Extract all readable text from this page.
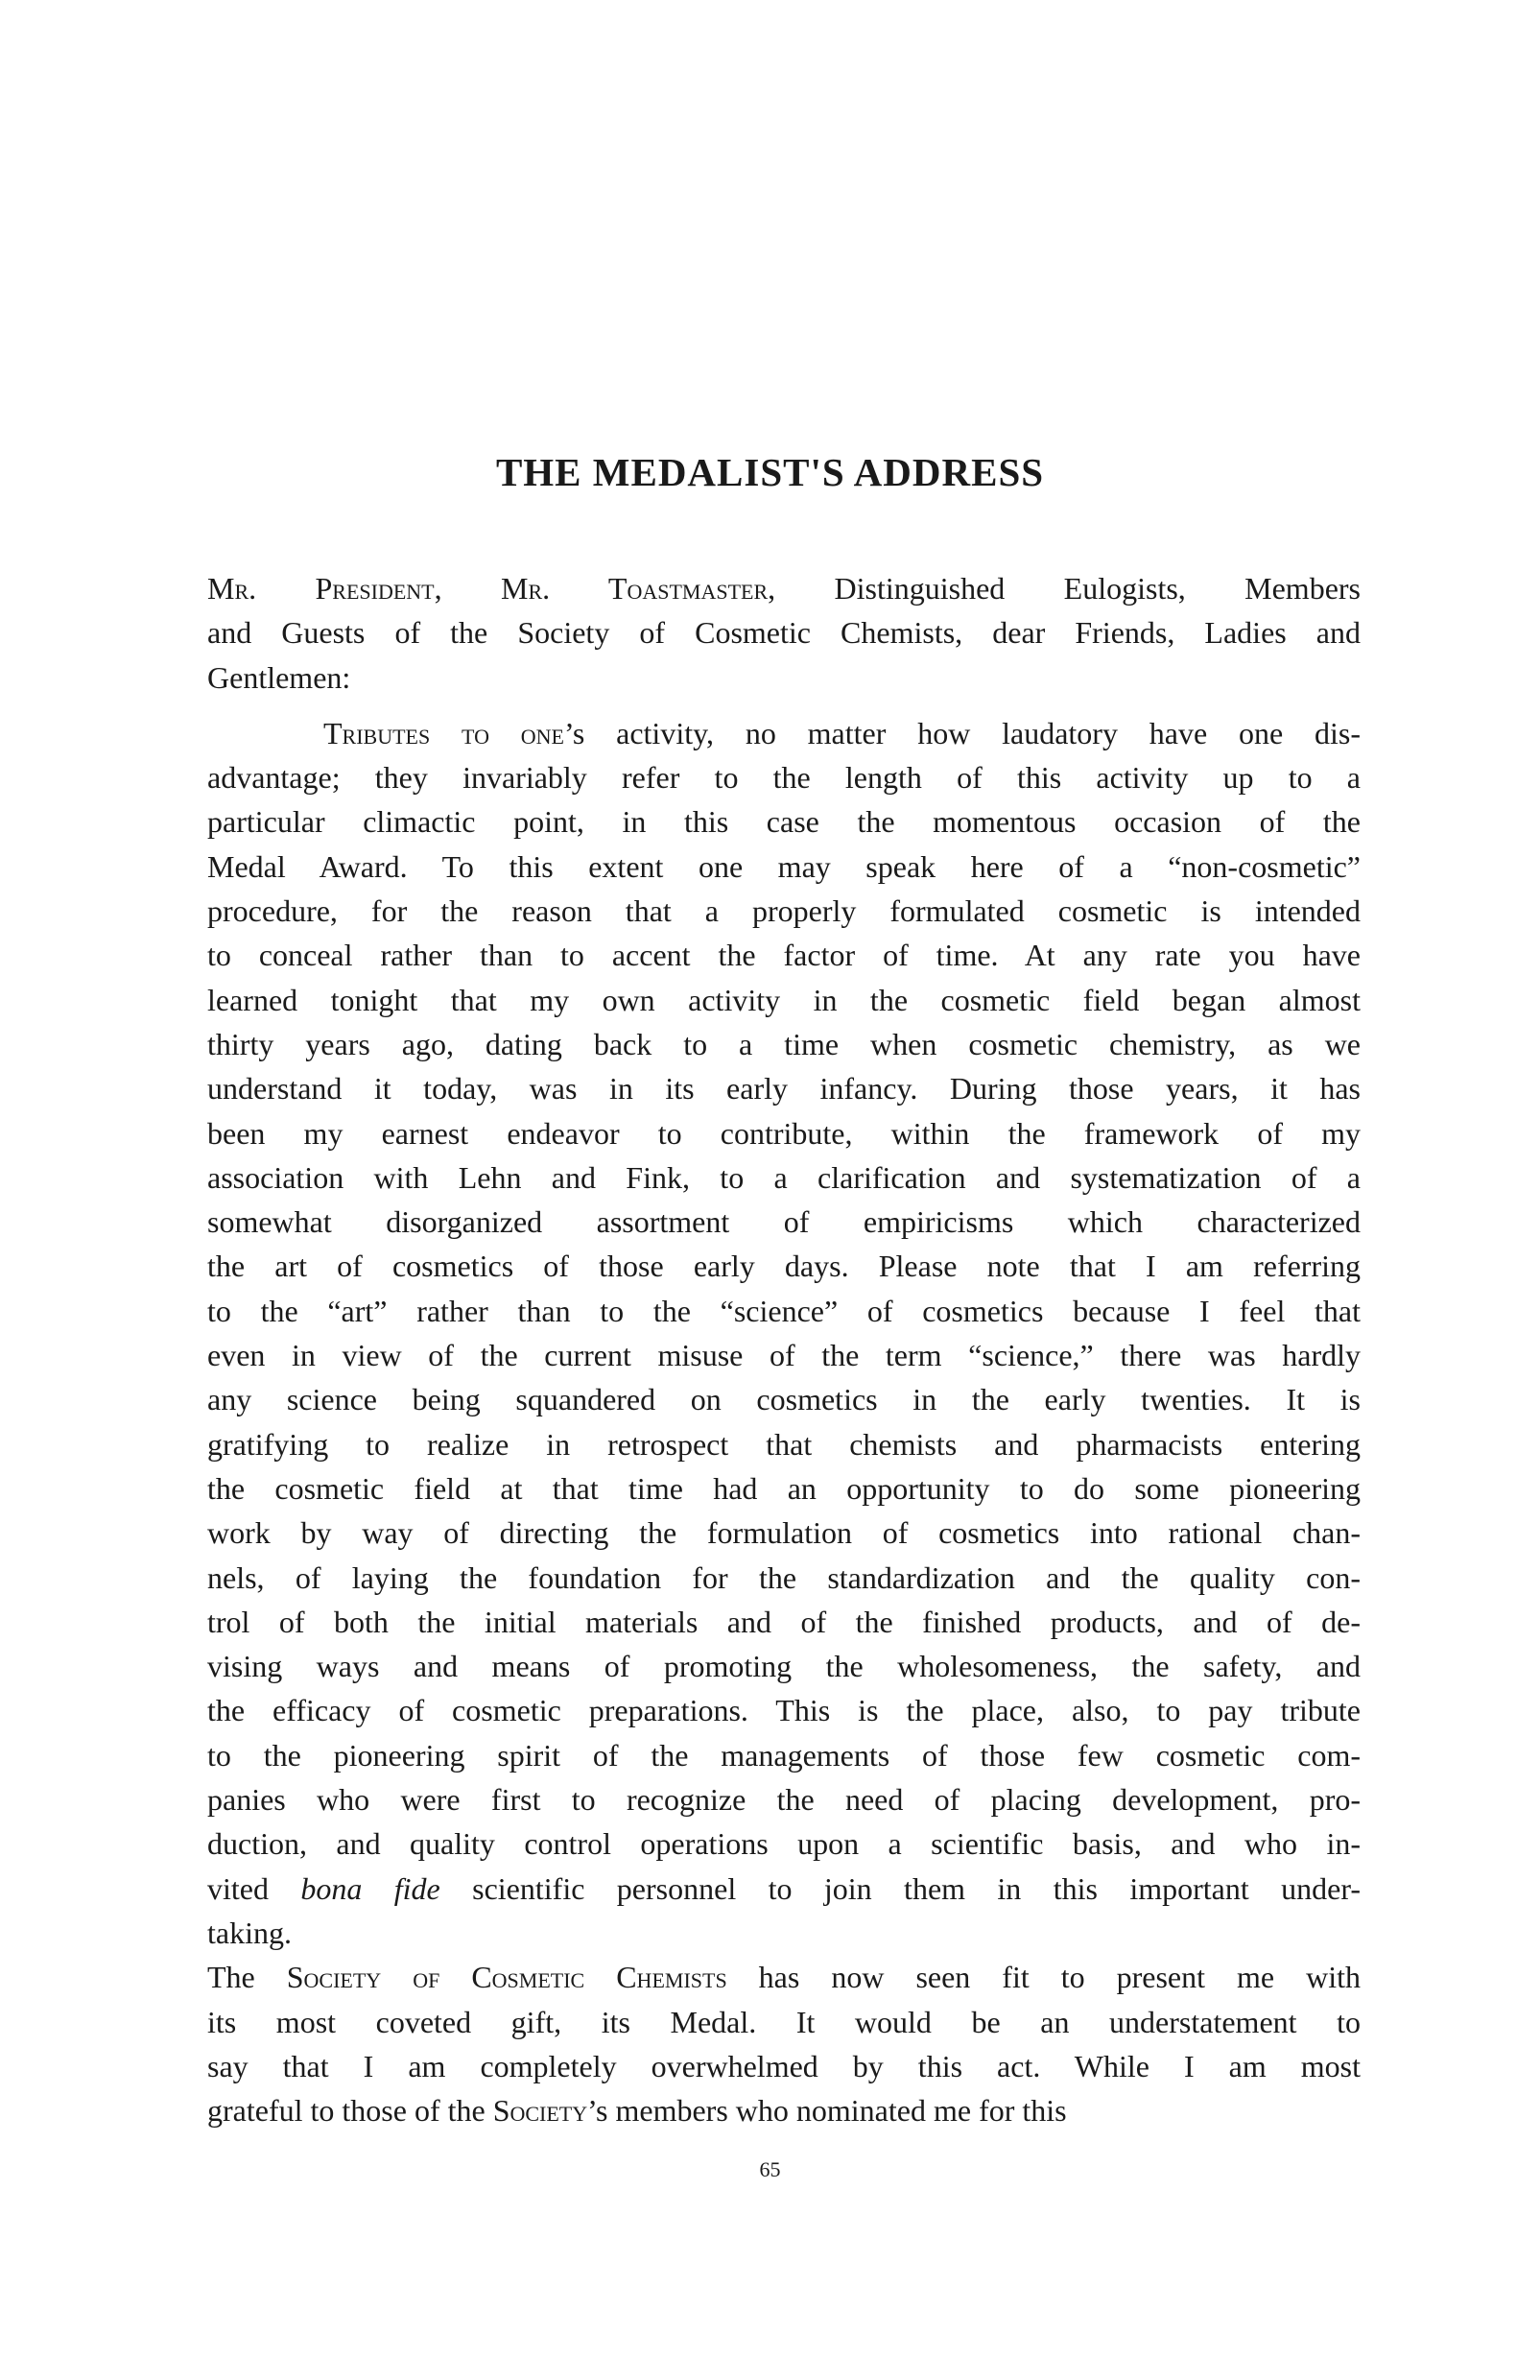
THE MEDALIST'S ADDRESS
Mr. President, Mr. Toastmaster, Distinguished Eulogists, Members
and Guests of the Society of Cosmetic Chemists, dear Friends, Ladies and
Gentlemen:
Tributes to one’s activity, no matter how laudatory have one dis-
advantage; they invariably refer to the length of this activity up to a
particular climactic point, in this case the momentous occasion of the
Medal Award. To this extent one may speak here of a “non-cosmetic”
procedure, for the reason that a properly formulated cosmetic is intended
to conceal rather than to accent the factor of time. At any rate you have
learned tonight that my own activity in the cosmetic field began almost
thirty years ago, dating back to a time when cosmetic chemistry, as we
understand it today, was in its early infancy. During those years, it has
been my earnest endeavor to contribute, within the framework of my
association with Lehn and Fink, to a clarification and systematization of a
somewhat disorganized assortment of empiricisms which characterized
the art of cosmetics of those early days. Please note that I am referring
to the “art” rather than to the “science” of cosmetics because I feel that
even in view of the current misuse of the term “science,” there was hardly
any science being squandered on cosmetics in the early twenties. It is
gratifying to realize in retrospect that chemists and pharmacists entering
the cosmetic field at that time had an opportunity to do some pioneering
work by way of directing the formulation of cosmetics into rational chan-
nels, of laying the foundation for the standardization and the quality con-
trol of both the initial materials and of the finished products, and of de-
vising ways and means of promoting the wholesomeness, the safety, and
the efficacy of cosmetic preparations. This is the place, also, to pay tribute
to the pioneering spirit of the managements of those few cosmetic com-
panies who were first to recognize the need of placing development, pro-
duction, and quality control operations upon a scientific basis, and who in-
vited bona fide scientific personnel to join them in this important under-
taking.
The Society of Cosmetic Chemists has now seen fit to present me with
its most coveted gift, its Medal. It would be an understatement to
say that I am completely overwhelmed by this act. While I am most
grateful to those of the Society’s members who nominated me for this
65
